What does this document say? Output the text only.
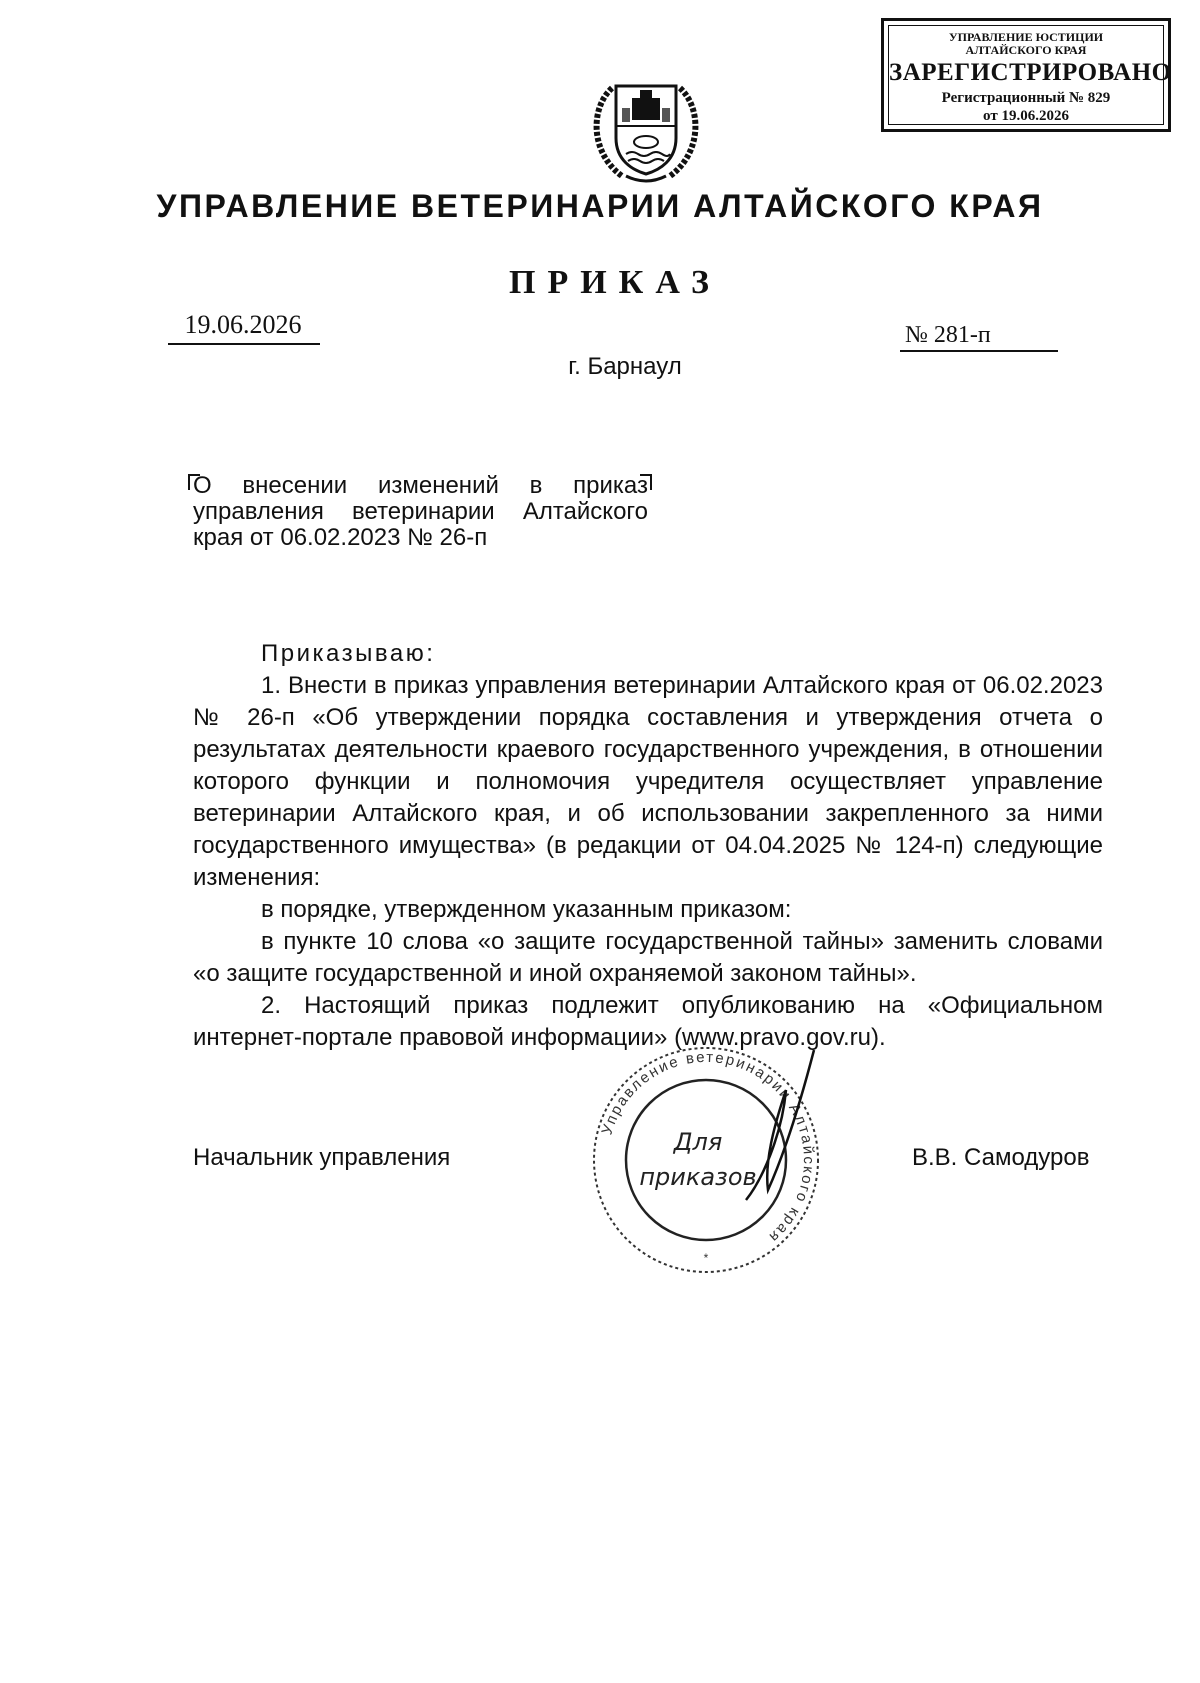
УПРАВЛЕНИЕ ЮСТИЦИИ
АЛТАЙСКОГО КРАЯ
ЗАРЕГИСТРИРОВАНО
Регистрационный № 829
от 19.06.2026
УПРАВЛЕНИЕ ВЕТЕРИНАРИИ АЛТАЙСКОГО КРАЯ
ПРИКАЗ
19.06.2026	№ 281-п
г. Барнаул
О внесении изменений в приказ управления ветеринарии Алтайского края от 06.02.2023 № 26-п
Приказываю:
1. Внести в приказ управления ветеринарии Алтайского края от 06.02.2023 № 26-п «Об утверждении порядка составления и утверждения отчета о результатах деятельности краевого государственного учреждения, в отношении которого функции и полномочия учредителя осуществляет управление ветеринарии Алтайского края, и об использовании закрепленного за ними государственного имущества» (в редакции от 04.04.2025 № 124-п) следующие изменения:
в порядке, утвержденном указанным приказом:
в пункте 10 слова «о защите государственной тайны» заменить словами «о защите государственной и иной охраняемой законом тайны».
2. Настоящий приказ подлежит опубликованию на «Официальном интернет-портале правовой информации» (www.pravo.gov.ru).
Начальник управления	В.В. Самодуров
Управление ветеринарии Алтайского края
Для
приказов
*
